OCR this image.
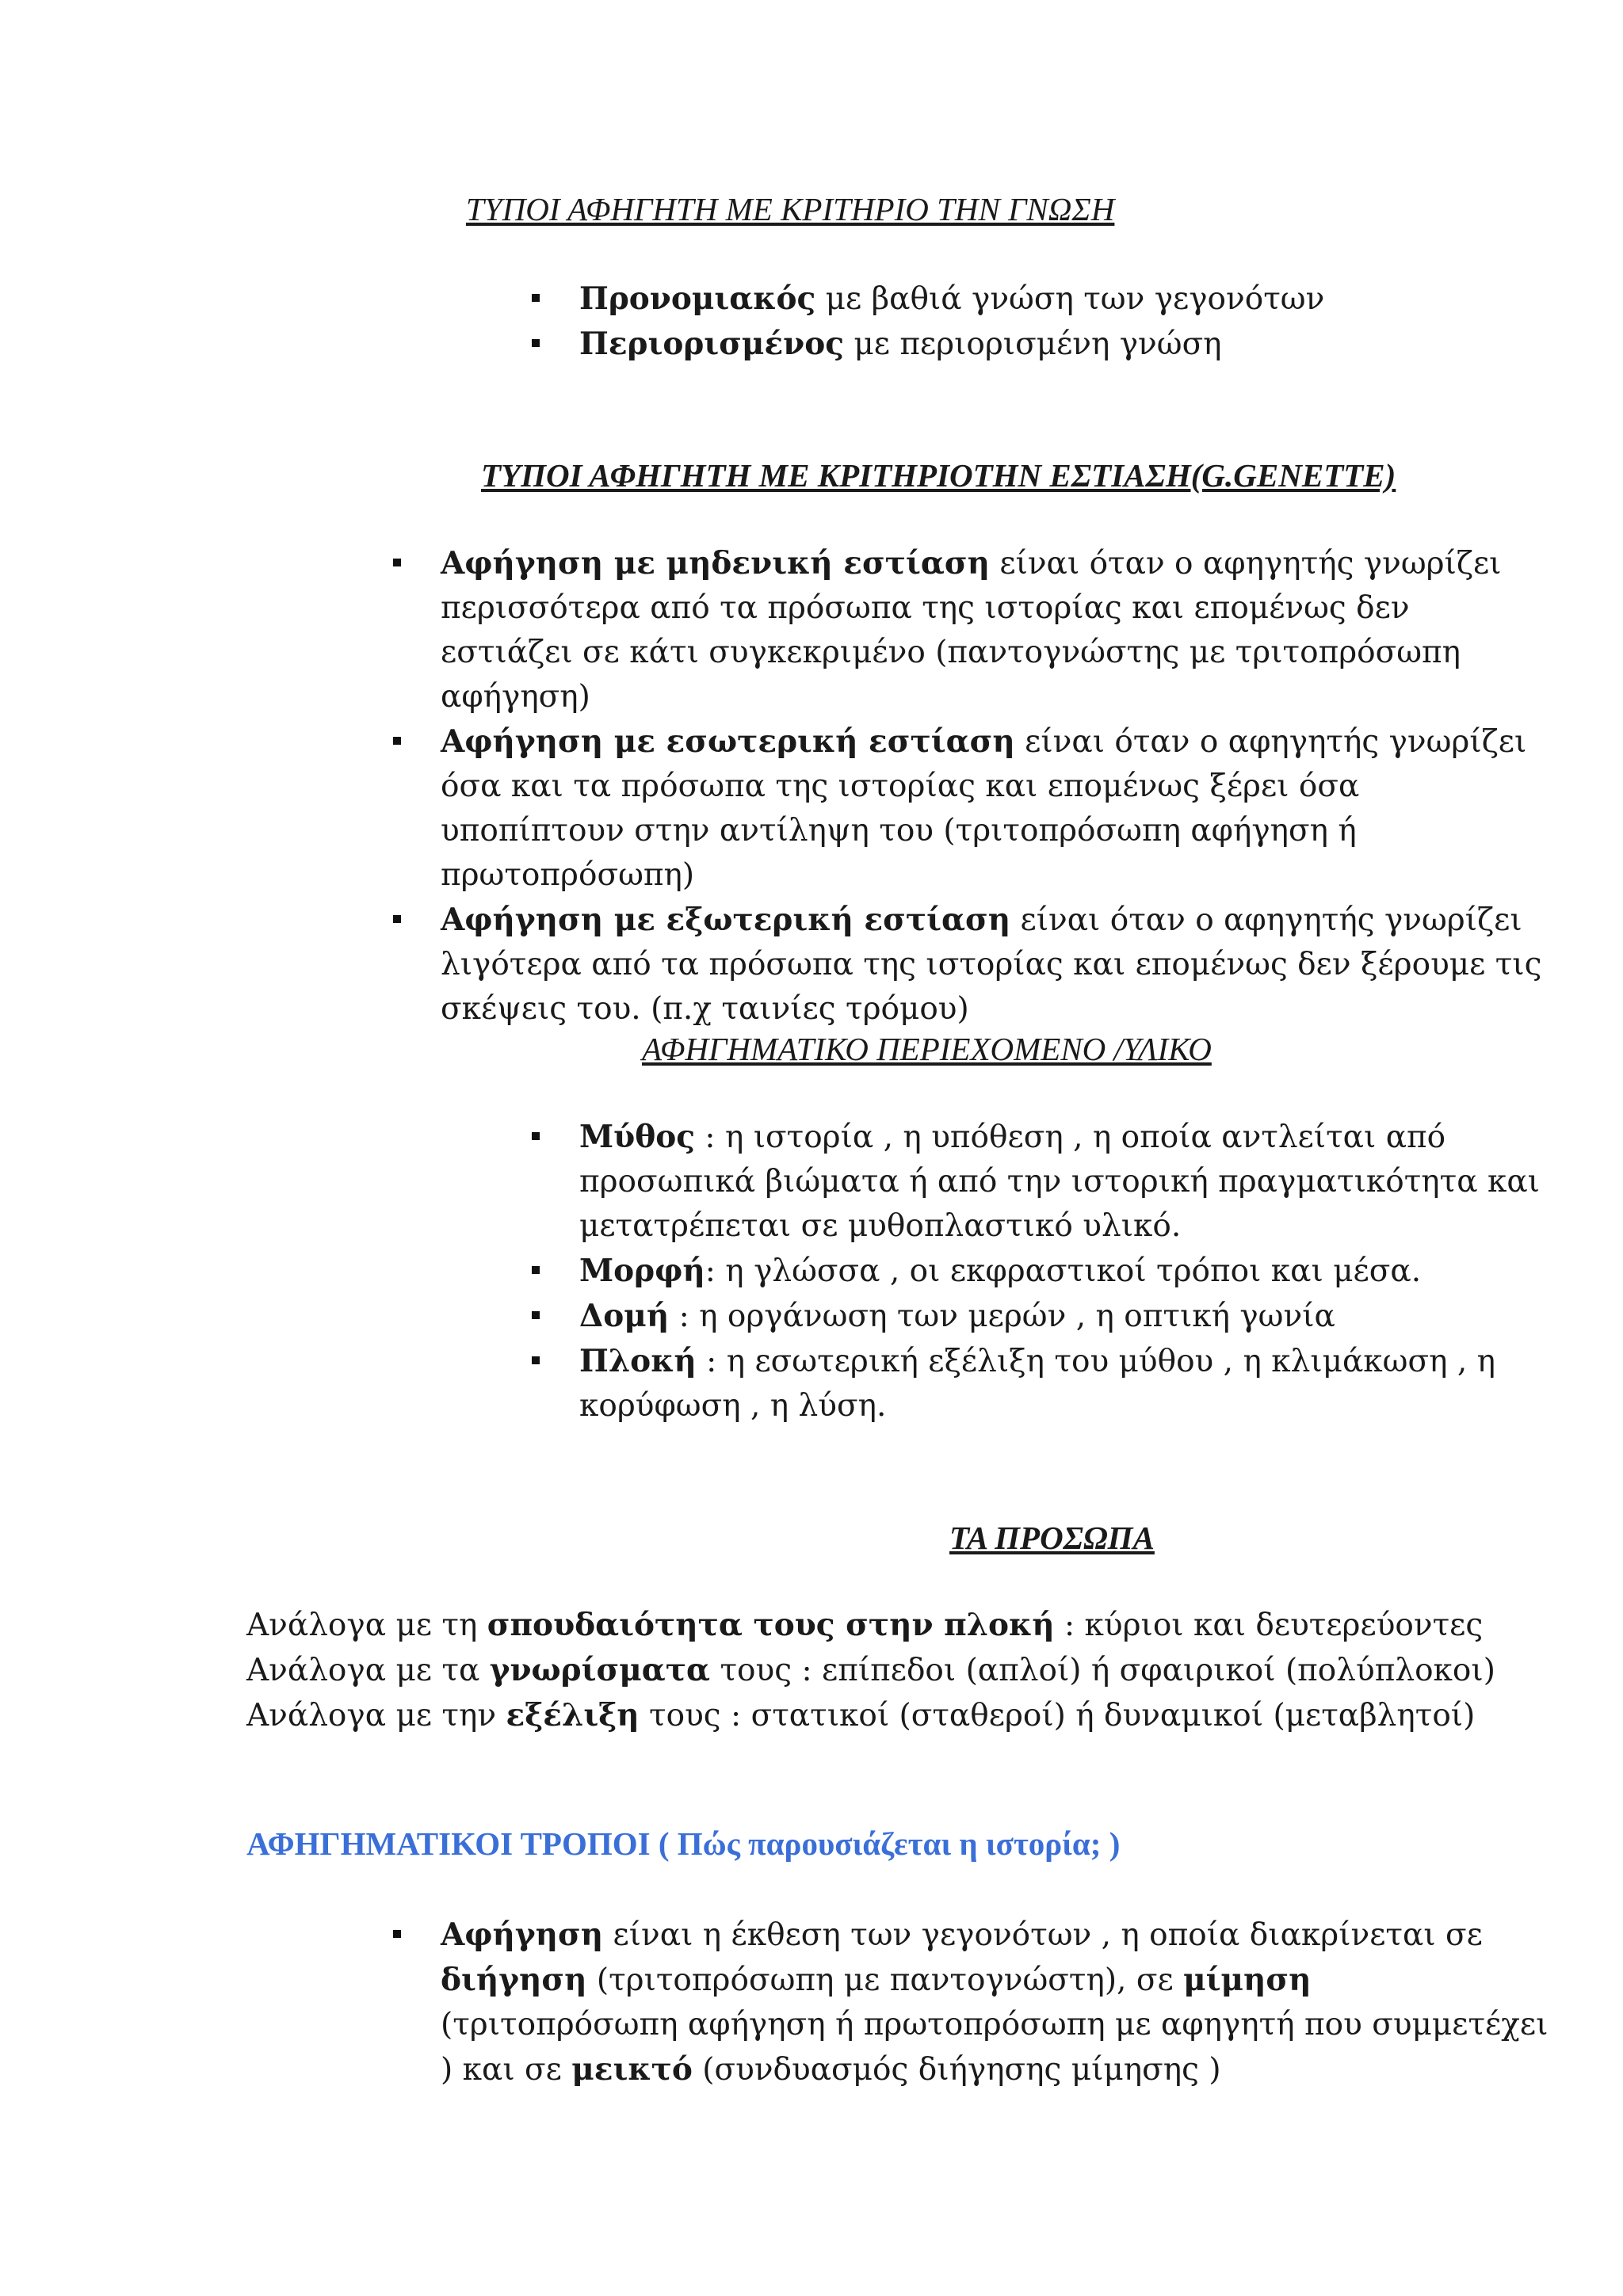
ΤΥΠΟΙ ΑΦΗΓΗΤΗ ΜΕ ΚΡΙΤΗΡΙΟ ΤΗΝ ΓΝΩΣΗ
Προνομιακός με βαθιά γνώση των γεγονότων
Περιορισμένος με περιορισμένη γνώση
ΤΥΠΟΙ ΑΦΗΓΗΤΗ ΜΕ ΚΡΙΤΗΡΙΟΤΗΝ ΕΣΤΙΑΣΗ(G.GENETTE)
Αφήγηση με μηδενική εστίαση είναι όταν ο αφηγητής γνωρίζει περισσότερα από τα πρόσωπα της ιστορίας και επομένως δεν εστιάζει σε κάτι συγκεκριμένο (παντογνώστης με τριτοπρόσωπη αφήγηση)
Αφήγηση με εσωτερική εστίαση είναι όταν ο αφηγητής γνωρίζει όσα και τα πρόσωπα της ιστορίας και επομένως ξέρει όσα υποπίπτουν στην αντίληψη του (τριτοπρόσωπη αφήγηση ή πρωτοπρόσωπη)
Αφήγηση με εξωτερική εστίαση είναι όταν ο αφηγητής γνωρίζει λιγότερα από τα πρόσωπα της ιστορίας και επομένως δεν ξέρουμε τις σκέψεις του. (π.χ ταινίες τρόμου)
ΑΦΗΓΗΜΑΤΙΚΟ ΠΕΡΙΕΧΟΜΕΝΟ /ΥΛΙΚΟ
Μύθος : η ιστορία , η υπόθεση , η οποία αντλείται από προσωπικά βιώματα ή από την ιστορική πραγματικότητα και μετατρέπεται σε μυθοπλαστικό υλικό.
Μορφή: η γλώσσα , οι εκφραστικοί τρόποι και μέσα.
Δομή : η οργάνωση των μερών , η οπτική γωνία
Πλοκή : η εσωτερική εξέλιξη του μύθου , η κλιμάκωση , η κορύφωση , η λύση.
ΤΑ ΠΡΟΣΩΠΑ
Ανάλογα με τη σπουδαιότητα τους στην πλοκή : κύριοι και δευτερεύοντες
Ανάλογα με τα γνωρίσματα τους : επίπεδοι (απλοί) ή σφαιρικοί (πολύπλοκοι)
Ανάλογα με την εξέλιξη τους : στατικοί (σταθεροί) ή δυναμικοί (μεταβλητοί)
ΑΦΗΓΗΜΑΤΙΚΟΙ ΤΡΟΠΟΙ ( Πώς παρουσιάζεται η ιστορία; )
Αφήγηση είναι η έκθεση των γεγονότων , η οποία διακρίνεται σε διήγηση (τριτοπρόσωπη με παντογνώστη), σε μίμηση (τριτοπρόσωπη αφήγηση ή πρωτοπρόσωπη με αφηγητή που συμμετέχει ) και σε μεικτό (συνδυασμός διήγησης μίμησης )
